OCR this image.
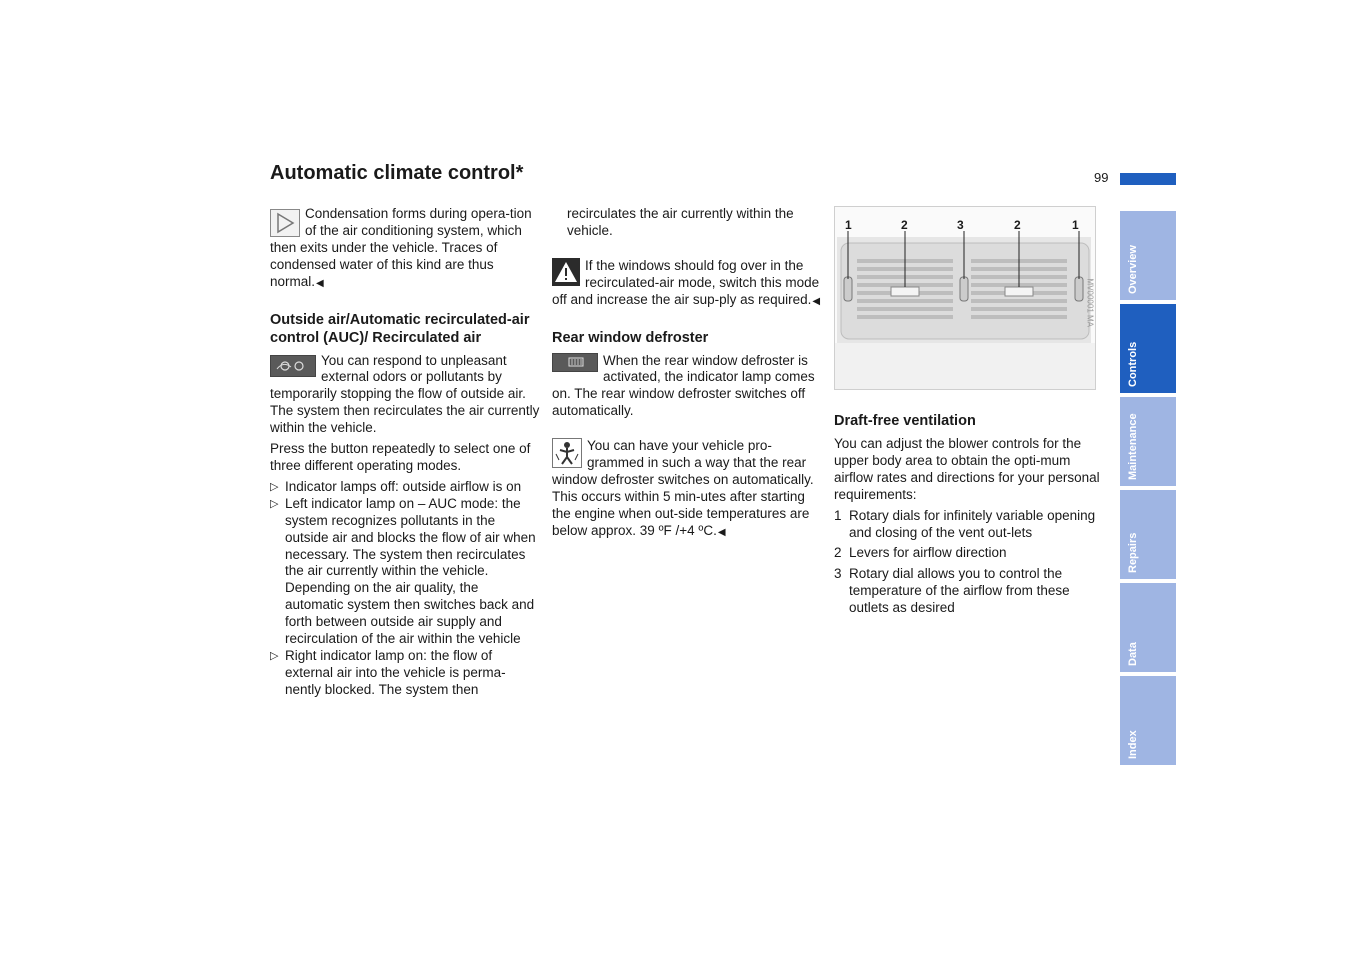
Automatic climate control*	99
Overview
Controls
Maintenance
Repairs
Data
Index

Condensation forms during opera-tion of the air conditioning system, which then exits under the vehicle. Traces of condensed water of this kind are thus normal.◀

Outside air/Automatic recirculated-air control (AUC)/ Recirculated air

You can respond to unpleasant external odors or pollutants by temporarily stopping the flow of outside air. The system then recirculates the air currently within the vehicle.

Press the button repeatedly to select one of three different operating modes.

▷ Indicator lamps off: outside airflow is on
▷ Left indicator lamp on – AUC mode: the system recognizes pollutants in the outside air and blocks the flow of air when necessary. The system then recirculates the air currently within the vehicle. Depending on the air quality, the automatic system then switches back and forth between outside air supply and recirculation of the air within the vehicle
▷ Right indicator lamp on: the flow of external air into the vehicle is perma-nently blocked. The system then

recirculates the air currently within the vehicle.

If the windows should fog over in the recirculated-air mode, switch this mode off and increase the air sup-ply as required.◀

Rear window defroster

When the rear window defroster is activated, the indicator lamp comes on. The rear window defroster switches off automatically.

You can have your vehicle pro-grammed in such a way that the rear window defroster switches on automatically. This occurs within 5 min-utes after starting the engine when out-side temperatures are below approx. 39 ºF /+4 ºC.◀

1	2	3	2	1
MV00001 MA
Draft-free ventilation

You can adjust the blower controls for the upper body area to obtain the opti-mum airflow rates and directions for your personal requirements:

1 Rotary dials for infinitely variable opening and closing of the vent out-lets
2 Levers for airflow direction
3 Rotary dial allows you to control the temperature of the airflow from these outlets as desired
